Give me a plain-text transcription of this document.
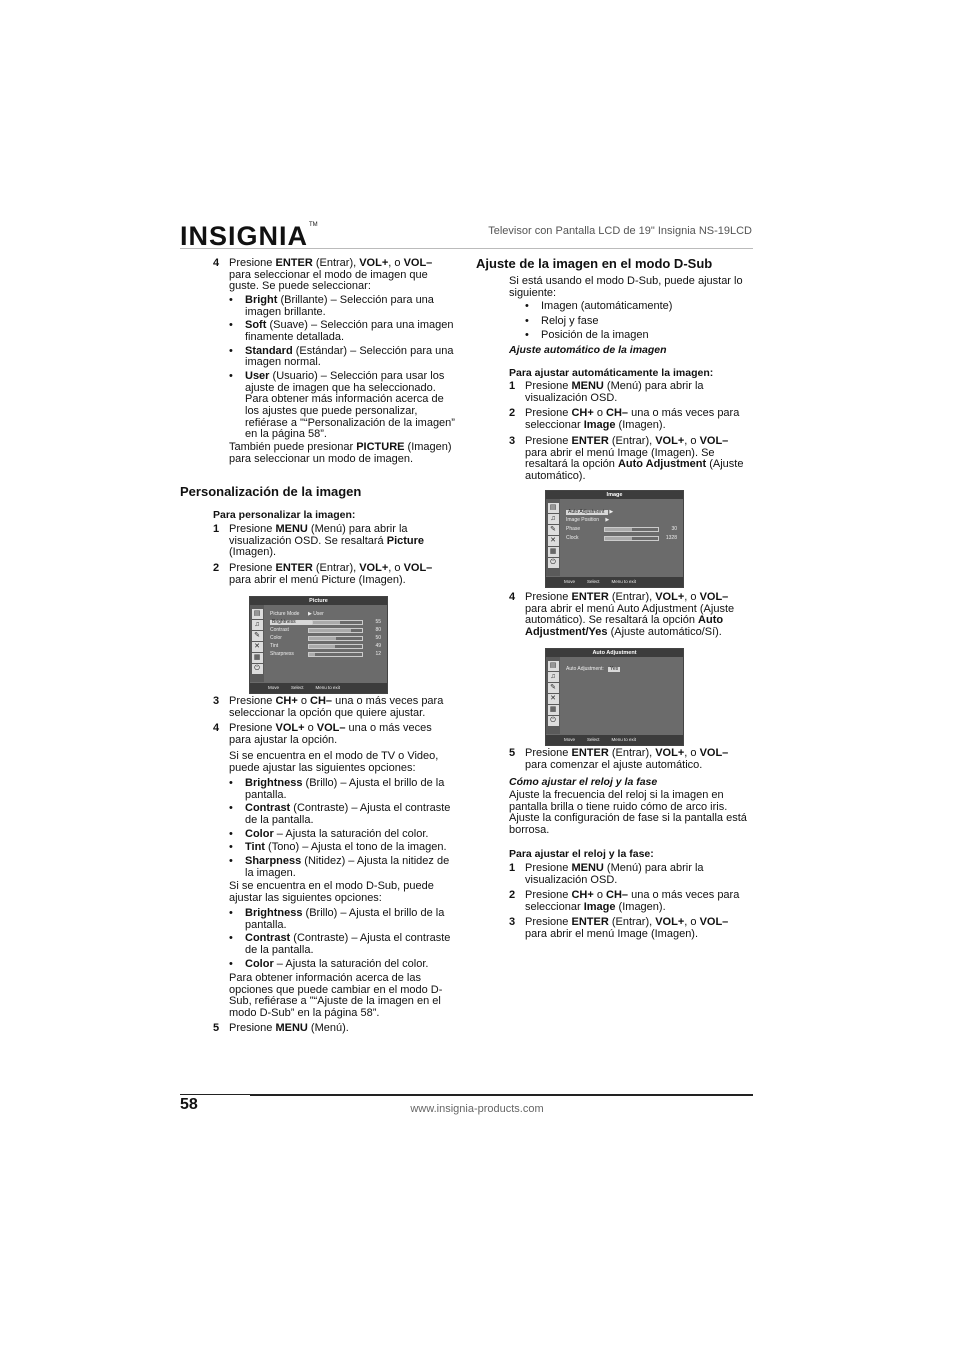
INSIGNIA TM	Televisor con Pantalla LCD de 19" Insignia NS-19LCD
4 Presione ENTER (Entrar), VOL+, o VOL– para seleccionar el modo de imagen que guste. Se puede seleccionar:
•	Bright (Brillante) – Selección para una imagen brillante.
•	Soft (Suave) – Selección para una imagen finamente detallada.
•	Standard (Estándar) – Selección para una imagen normal.
•	User (Usuario) – Selección para usar los ajuste de imagen que ha seleccionado. Para obtener más información acerca de los ajustes que puede personalizar, refiérase a "“Personalización de la imagen” en la página 58”.
También puede presionar PICTURE (Imagen) para seleccionar un modo de imagen.
Personalización de la imagen
Para personalizar la imagen:
1 Presione MENU (Menú) para abrir la visualización OSD. Se resaltará Picture (Imagen).
2 Presione ENTER (Entrar), VOL+, o VOL– para abrir el menú Picture (Imagen).
Picture
▤
♫
✎
✕
▦
⏻
Picture Mode	▶ User
Brightness	55
Contrast	80
Color	50
Tint	49
Sharpness	12
Move	Select	Menu to exit
3 Presione CH+ o CH– una o más veces para seleccionar la opción que quiere ajustar.
4 Presione VOL+ o VOL– una o más veces para ajustar la opción.
Si se encuentra en el modo de TV o Video, puede ajustar las siguientes opciones:
•	Brightness (Brillo) – Ajusta el brillo de la pantalla.
•	Contrast (Contraste) – Ajusta el contraste de la pantalla.
•	Color – Ajusta la saturación del color.
•	Tint (Tono) – Ajusta el tono de la imagen.
•	Sharpness (Nitidez) – Ajusta la nitidez de la imagen.
Si se encuentra en el modo D-Sub, puede ajustar las siguientes opciones:
•	Brightness (Brillo) – Ajusta el brillo de la pantalla.
•	Contrast (Contraste) – Ajusta el contraste de la pantalla.
•	Color – Ajusta la saturación del color.
Para obtener información acerca de las opciones que puede cambiar en el modo D-Sub, refiérase a "“Ajuste de la imagen en el modo D-Sub” en la página 58”.
5 Presione MENU (Menú).
Ajuste de la imagen en el modo D-Sub
Si está usando el modo D-Sub, puede ajustar lo siguiente:
•	Imagen (automáticamente)
•	Reloj y fase
•	Posición de la imagen
Ajuste automático de la imagen
Para ajustar automáticamente la imagen:
1 Presione MENU (Menú) para abrir la visualización OSD.
2 Presione CH+ o CH– una o más veces para seleccionar Image (Imagen).
3 Presione ENTER (Entrar), VOL+, o VOL– para abrir el menú Image (Imagen). Se resaltará la opción Auto Adjustment (Ajuste automático).
Image
▤
♫
✎
✕
▦
⏻
Auto Adjustment ▶
Image Position ▶
Phase	30
Clock	1328
Move	Select	Menu to exit
4 Presione ENTER (Entrar), VOL+, o VOL– para abrir el menú Auto Adjustment (Ajuste automático). Se resaltará la opción Auto Adjustment/Yes (Ajuste automático/Sí).
Auto Adjustment
▤
♫
✎
✕
▦
⏻
Auto Adjustment:	Yes
Move	Select	Menu to exit
5 Presione ENTER (Entrar), VOL+, o VOL– para comenzar el ajuste automático.
Cómo ajustar el reloj y la fase
Ajuste la frecuencia del reloj si la imagen en pantalla brilla o tiene ruido cómo de arco iris. Ajuste la configuración de fase si la pantalla está borrosa.
Para ajustar el reloj y la fase:
1 Presione MENU (Menú) para abrir la visualización OSD.
2 Presione CH+ o CH– una o más veces para seleccionar Image (Imagen).
3 Presione ENTER (Entrar), VOL+, o VOL– para abrir el menú Image (Imagen).
58	www.insignia-products.com
